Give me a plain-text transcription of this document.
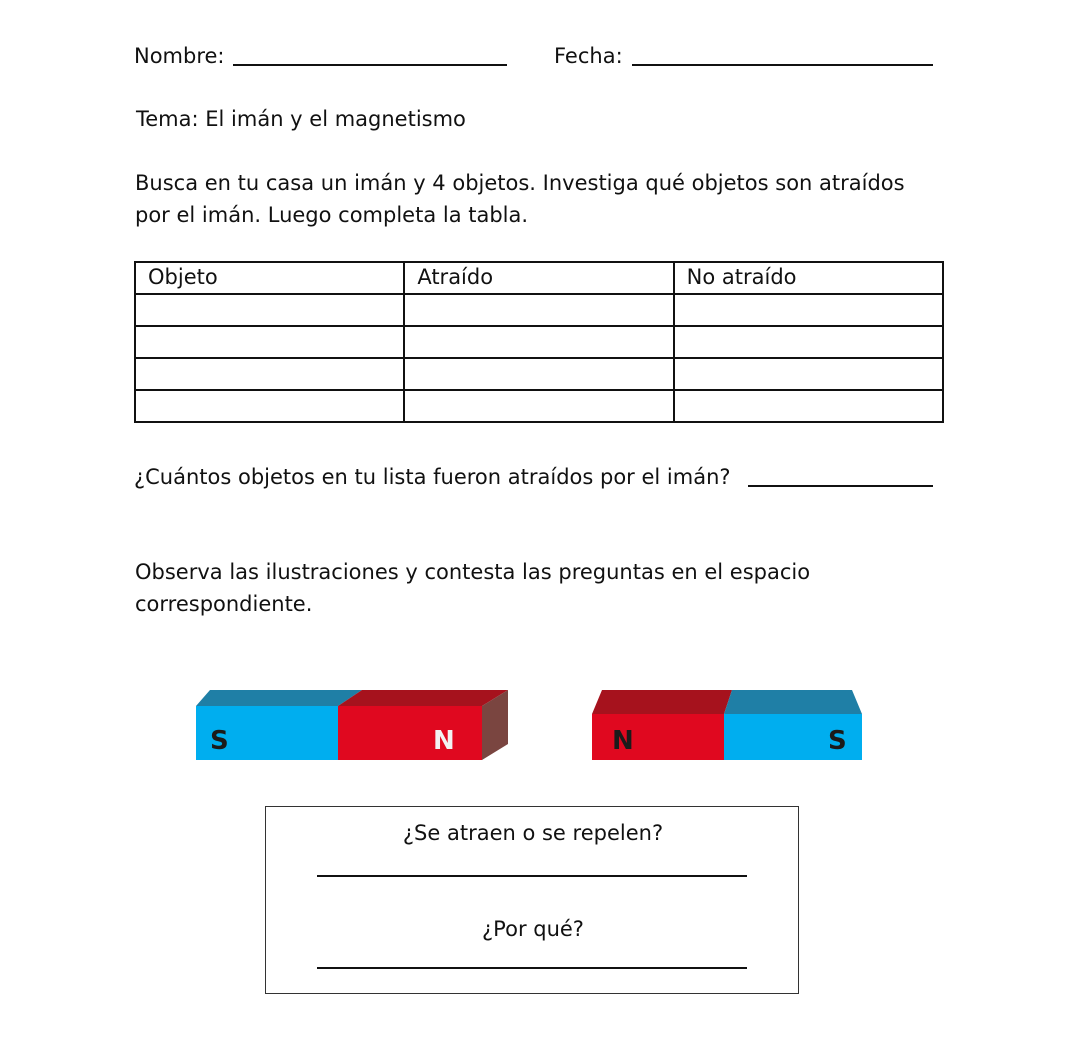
Nombre:	Fecha:
Tema: El imán y el magnetismo
Busca en tu casa un imán y 4 objetos. Investiga qué objetos son atraídos
por el imán. Luego completa la tabla.
Objeto	Atraído	No atraído

¿Cuántos objetos en tu lista fueron atraídos por el imán?
Observa las ilustraciones y contesta las preguntas en el espacio
correspondiente.
S	N	N	S
¿Se atraen o se repelen?
¿Por qué?
